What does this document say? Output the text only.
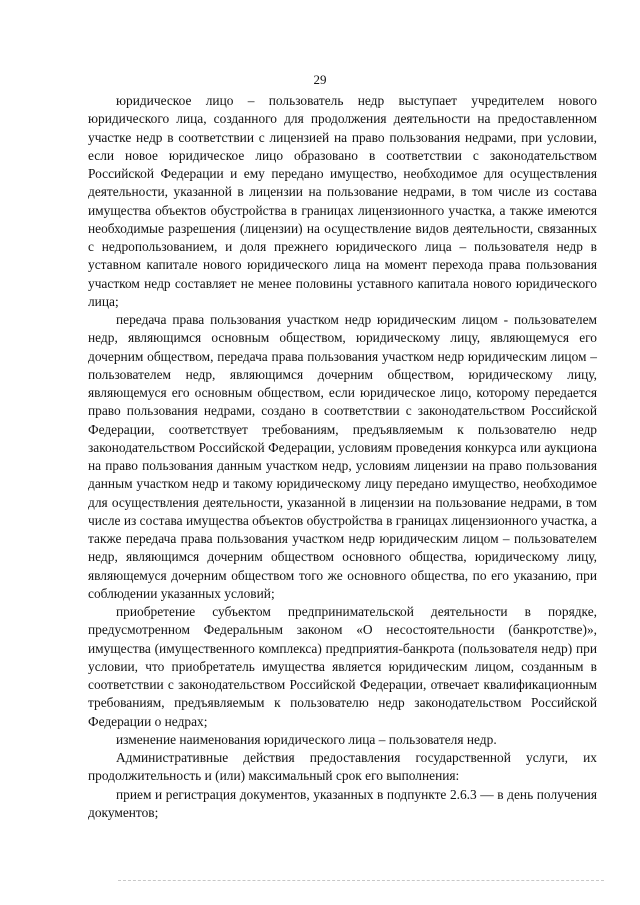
29

юридическое лицо – пользователь недр выступает учредителем нового юридического лица, созданного для продолжения деятельности на предоставленном участке недр в соответствии с лицензией на право пользования недрами, при условии, если новое юридическое лицо образовано в соответствии с законодательством Российской Федерации и ему передано имущество, необходимое для осуществления деятельности, указанной в лицензии на пользование недрами, в том числе из состава имущества объектов обустройства в границах лицензионного участка, а также имеются необходимые разрешения (лицензии) на осуществление видов деятельности, связанных с недропользованием, и доля прежнего юридического лица – пользователя недр в уставном капитале нового юридического лица на момент перехода права пользования участком недр составляет не менее половины уставного капитала нового юридического лица;

передача права пользования участком недр юридическим лицом - пользователем недр, являющимся основным обществом, юридическому лицу, являющемуся его дочерним обществом, передача права пользования участком недр юридическим лицом – пользователем недр, являющимся дочерним обществом, юридическому лицу, являющемуся его основным обществом, если юридическое лицо, которому передается право пользования недрами, создано в соответствии с законодательством Российской Федерации, соответствует требованиям, предъявляемым к пользователю недр законодательством Российской Федерации, условиям проведения конкурса или аукциона на право пользования данным участком недр, условиям лицензии на право пользования данным участком недр и такому юридическому лицу передано имущество, необходимое для осуществления деятельности, указанной в лицензии на пользование недрами, в том числе из состава имущества объектов обустройства в границах лицензионного участка, а также передача права пользования участком недр юридическим лицом – пользователем недр, являющимся дочерним обществом основного общества, юридическому лицу, являющемуся дочерним обществом того же основного общества, по его указанию, при соблюдении указанных условий;

приобретение субъектом предпринимательской деятельности в порядке, предусмотренном Федеральным законом «О несостоятельности (банкротстве)», имущества (имущественного комплекса) предприятия-банкрота (пользователя недр) при условии, что приобретатель имущества является юридическим лицом, созданным в соответствии с законодательством Российской Федерации, отвечает квалификационным требованиям, предъявляемым к пользователю недр законодательством Российской Федерации о недрах;

изменение наименования юридического лица – пользователя недр.

Административные действия предоставления государственной услуги, их продолжительность и (или) максимальный срок его выполнения:

прием и регистрация документов, указанных в подпункте 2.6.3 — в день получения документов;
